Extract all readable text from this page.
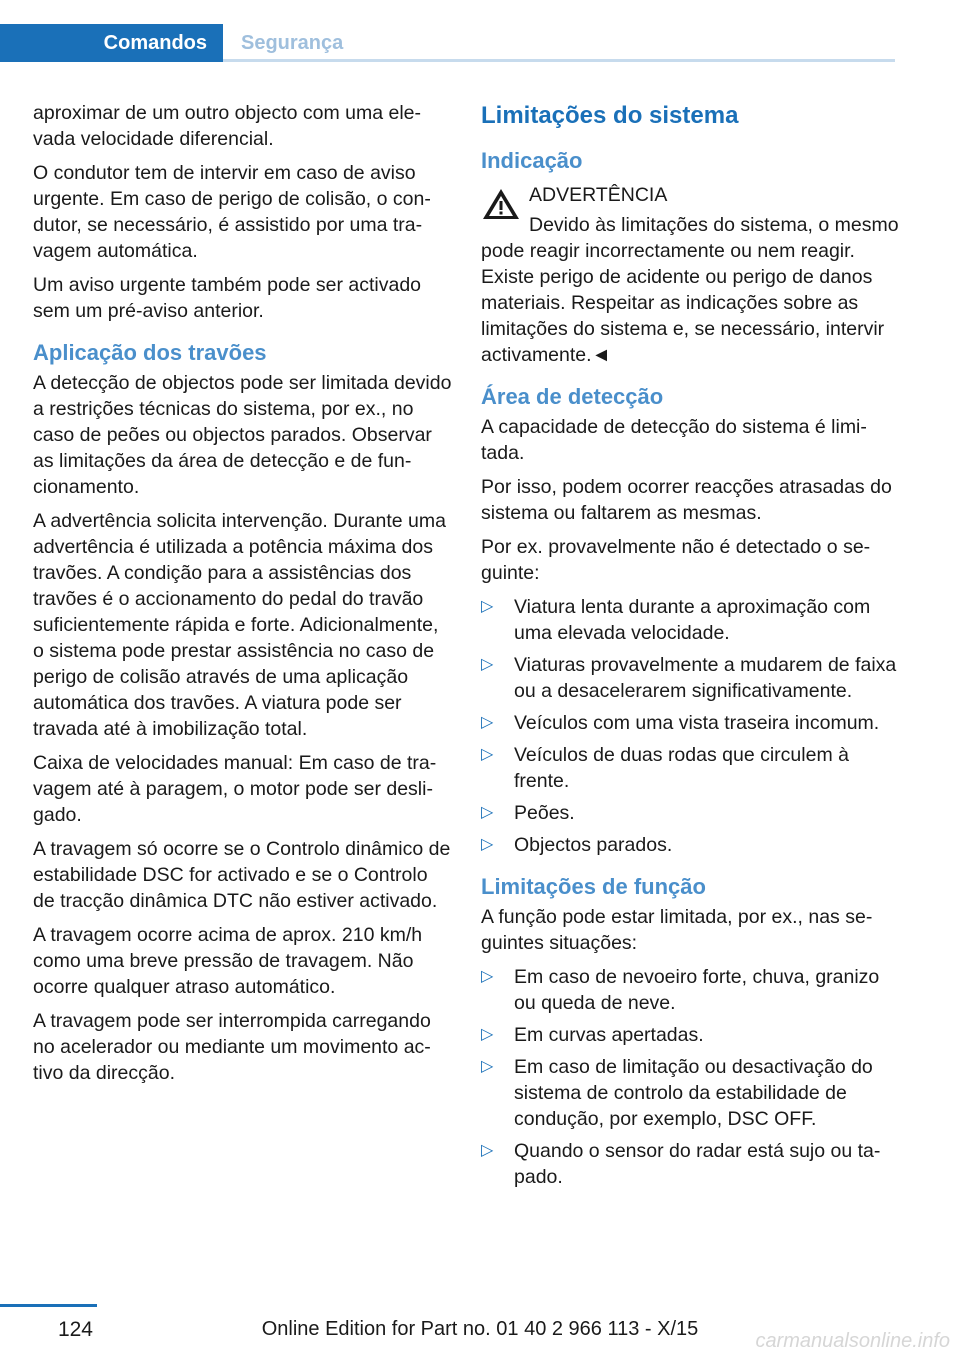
Comandos	Segurança

aproximar de um outro objecto com uma elevada velocidade diferencial.

O condutor tem de intervir em caso de aviso urgente. Em caso de perigo de colisão, o condutor, se necessário, é assistido por uma travagem automática.

Um aviso urgente também pode ser activado sem um pré-aviso anterior.

Aplicação dos travões

A detecção de objectos pode ser limitada devido a restrições técnicas do sistema, por ex., no caso de peões ou objectos parados. Observar as limitações da área de detecção e de funcionamento.

A advertência solicita intervenção. Durante uma advertência é utilizada a potência máxima dos travões. A condição para a assistências dos travões é o accionamento do pedal do travão suficientemente rápida e forte. Adicionalmente, o sistema pode prestar assistência no caso de perigo de colisão através de uma aplicação automática dos travões. A viatura pode ser travada até à imobilização total.

Caixa de velocidades manual: Em caso de travagem até à paragem, o motor pode ser desligado.

A travagem só ocorre se o Controlo dinâmico de estabilidade DSC for activado e se o Controlo de tracção dinâmica DTC não estiver activado.

A travagem ocorre acima de aprox. 210 km/h como uma breve pressão de travagem. Não ocorre qualquer atraso automático.

A travagem pode ser interrompida carregando no acelerador ou mediante um movimento activo da direcção.

Limitações do sistema
Indicação
ADVERTÊNCIA

Devido às limitações do sistema, o mesmo pode reagir incorrectamente ou nem reagir. Existe perigo de acidente ou perigo de danos materiais. Respeitar as indicações sobre as limitações do sistema e, se necessário, intervir activamente.◄

Área de detecção

A capacidade de detecção do sistema é limitada.

Por isso, podem ocorrer reacções atrasadas do sistema ou faltarem as mesmas.

Por ex. provavelmente não é detectado o seguinte:

▷ Viatura lenta durante a aproximação com uma elevada velocidade.
▷ Viaturas provavelmente a mudarem de faixa ou a desacelerarem significativamente.
▷ Veículos com uma vista traseira incomum.
▷ Veículos de duas rodas que circulem à frente.
▷ Peões.
▷ Objectos parados.
Limitações de função

A função pode estar limitada, por ex., nas seguintes situações:

▷ Em caso de nevoeiro forte, chuva, granizo ou queda de neve.
▷ Em curvas apertadas.
▷ Em caso de limitação ou desactivação do sistema de controlo da estabilidade de condução, por exemplo, DSC OFF.
▷ Quando o sensor do radar está sujo ou tapado.
124	Online Edition for Part no. 01 40 2 966 113 - X/15
carmanualsonline.info
